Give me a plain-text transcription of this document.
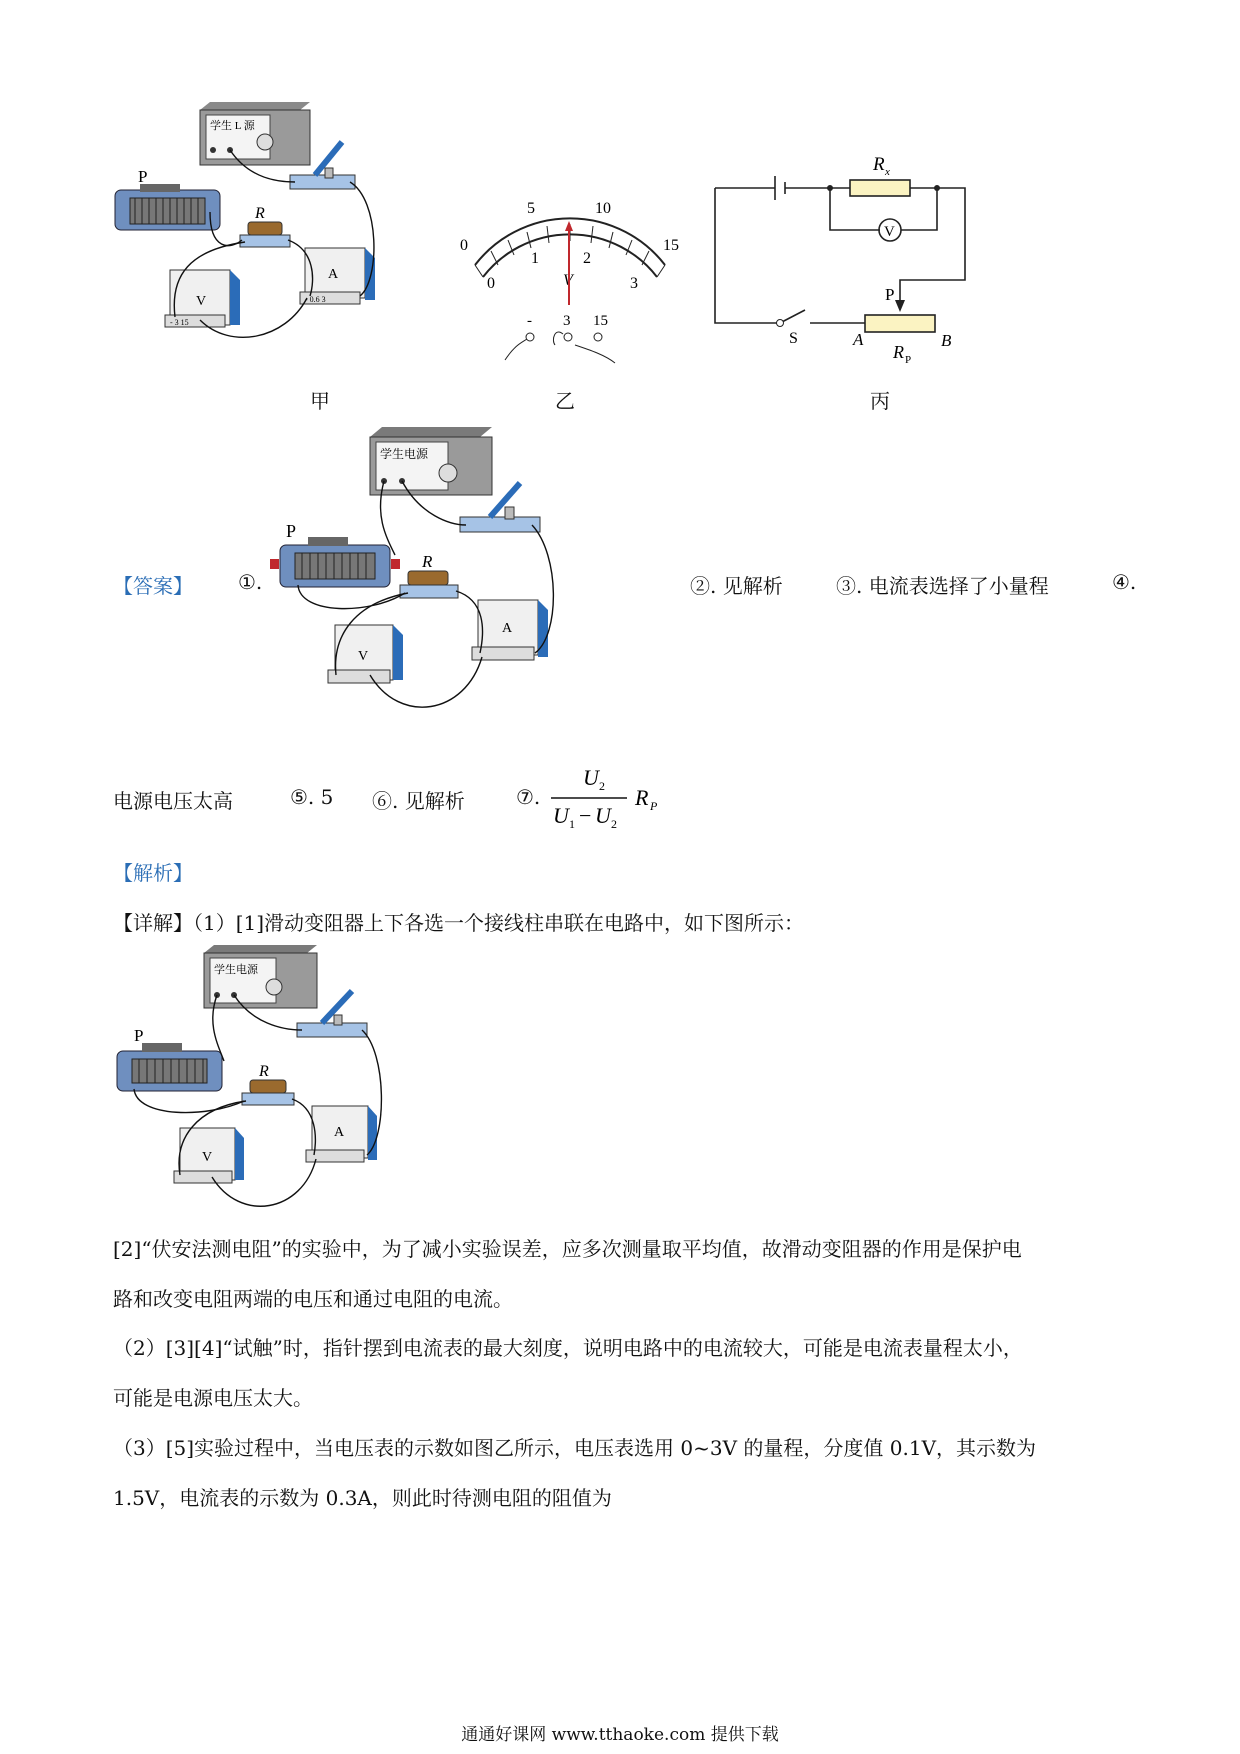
学生 L 源
P
R
V
- 3 15
A
- 0.6 3
甲
0
5	10
15
0
1	2
3
V
- 3 15
乙
R x
A	B
R P
V
S
P
丙
【答案】 ①.
学生电源
P
R
V
A
②. 见解析	③. 电流表选择了小量程	④.
电源电压太高	⑤. 5 ⑥. 见解析	⑦.
U 2
U 1 − U 2
R P
【解析】
【详解】（1）[1]滑动变阻器上下各选一个接线柱串联在电路中，如下图所示：
学生电源
P
R
V
A
[2]“伏安法测电阻”的实验中，为了减小实验误差，应多次测量取平均值，故滑动变阻器的作用是保护电
路和改变电阻两端的电压和通过电阻的电流。
（2）[3][4]“试触”时，指针摆到电流表的最大刻度，说明电路中的电流较大，可能是电流表量程太小，
可能是电源电压太大。
（3）[5]实验过程中，当电压表的示数如图乙所示，电压表选用 0~3V 的量程，分度值 0.1V，其示数为
1.5V，电流表的示数为 0.3A，则此时待测电阻的阻值为
通通好课网 www.tthaoke.com 提供下载
